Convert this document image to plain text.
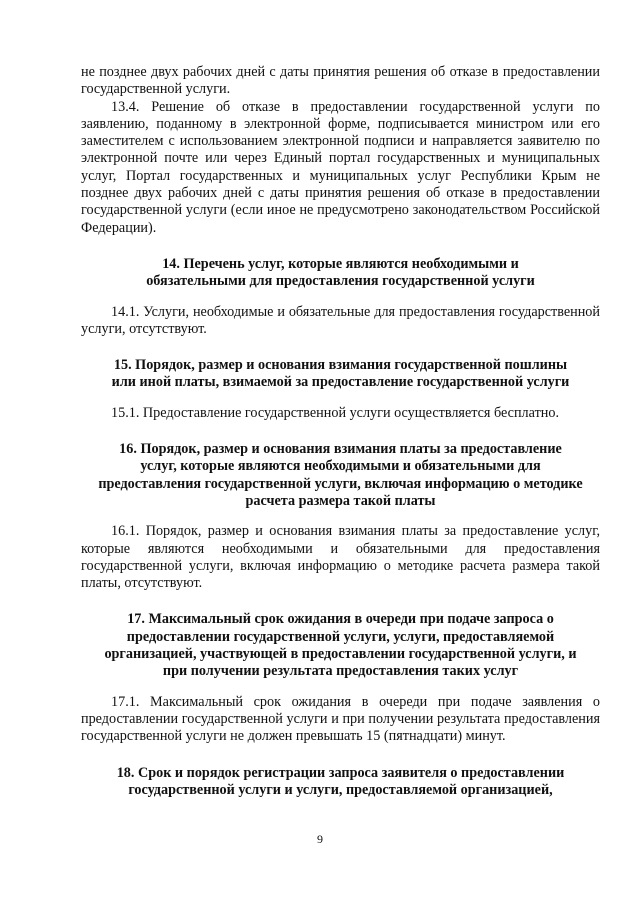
не позднее двух рабочих дней с даты принятия решения об отказе в предоставлении государственной услуги.

13.4. Решение об отказе в предоставлении государственной услуги по заявлению, поданному в электронной форме, подписывается министром или его заместителем с использованием электронной подписи и направляется заявителю по электронной почте или через Единый портал государственных и муниципальных услуг, Портал государственных и муниципальных услуг Республики Крым не позднее двух рабочих дней с даты принятия решения об отказе в предоставлении государственной услуги (если иное не предусмотрено законодательством Российской Федерации).

14. Перечень услуг, которые являются необходимыми и
обязательными для предоставления государственной услуги

14.1. Услуги, необходимые и обязательные для предоставления государственной услуги, отсутствуют.

15. Порядок, размер и основания взимания государственной пошлины
или иной платы, взимаемой за предоставление государственной услуги

15.1. Предоставление государственной услуги осуществляется бесплатно.

16. Порядок, размер и основания взимания платы за предоставление
услуг, которые являются необходимыми и обязательными для
предоставления государственной услуги, включая информацию о методике
расчета размера такой платы

16.1. Порядок, размер и основания взимания платы за предоставление услуг, которые являются необходимыми и обязательными для предоставления государственной услуги, включая информацию о методике расчета размера такой платы, отсутствуют.

17. Максимальный срок ожидания в очереди при подаче запроса о
предоставлении государственной услуги, услуги, предоставляемой
организацией, участвующей в предоставлении государственной услуги, и
при получении результата предоставления таких услуг

17.1. Максимальный срок ожидания в очереди при подаче заявления о предоставлении государственной услуги и при получении результата предоставления государственной услуги не должен превышать 15 (пятнадцати) минут.

18. Срок и порядок регистрации запроса заявителя о предоставлении
государственной услуги и услуги, предоставляемой организацией,
9
